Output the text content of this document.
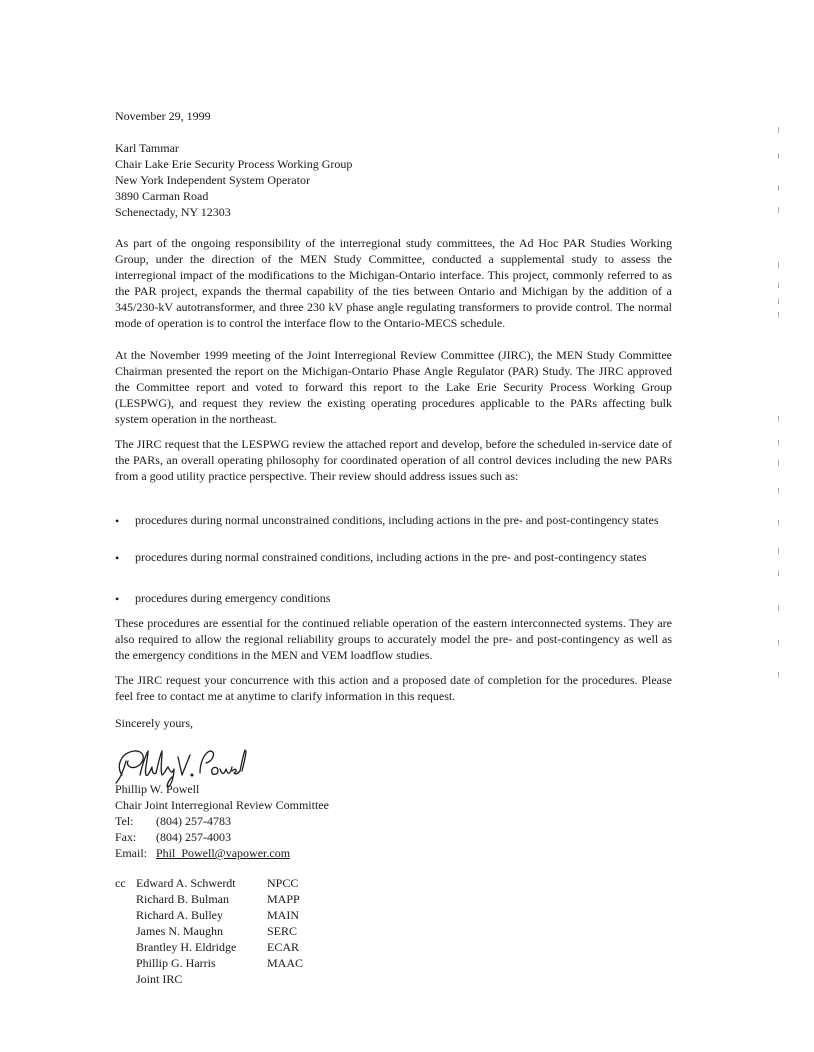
November 29, 1999
Karl Tammar
Chair Lake Erie Security Process Working Group
New York Independent System Operator
3890 Carman Road
Schenectady, NY 12303
As part of the ongoing responsibility of the interregional study committees, the Ad Hoc PAR Studies Working Group, under the direction of the MEN Study Committee, conducted a supplemental study to assess the interregional impact of the modifications to the Michigan-Ontario interface. This project, commonly referred to as the PAR project, expands the thermal capability of the ties between Ontario and Michigan by the addition of a 345/230-kV autotransformer, and three 230 kV phase angle regulating transformers to provide control. The normal mode of operation is to control the interface flow to the Ontario-MECS schedule.
At the November 1999 meeting of the Joint Interregional Review Committee (JIRC), the MEN Study Committee Chairman presented the report on the Michigan-Ontario Phase Angle Regulator (PAR) Study. The JIRC approved the Committee report and voted to forward this report to the Lake Erie Security Process Working Group (LESPWG), and request they review the existing operating procedures applicable to the PARs affecting bulk system operation in the northeast.
The JIRC request that the LESPWG review the attached report and develop, before the scheduled in-service date of the PARs, an overall operating philosophy for coordinated operation of all control devices including the new PARs from a good utility practice perspective. Their review should address issues such as:
• procedures during normal unconstrained conditions, including actions in the pre- and post-contingency states
• procedures during normal constrained conditions, including actions in the pre- and post-contingency states
• procedures during emergency conditions
These procedures are essential for the continued reliable operation of the eastern interconnected systems. They are also required to allow the regional reliability groups to accurately model the pre- and post-contingency as well as the emergency conditions in the MEN and VEM loadflow studies.
The JIRC request your concurrence with this action and a proposed date of completion for the procedures. Please feel free to contact me at anytime to clarify information in this request.
Sincerely yours,
Phillip W. Powell
Chair Joint Interregional Review Committee
Tel: (804) 257-4783
Fax: (804) 257-4003
Email: Phil_Powell@vapower.com
cc Edward A. Schwerdt	NPCC
Richard B. Bulman	MAPP
Richard A. Bulley	MAIN
James N. Maughn	SERC
Brantley H. Eldridge	ECAR
Phillip G. Harris	MAAC
Joint IRC
